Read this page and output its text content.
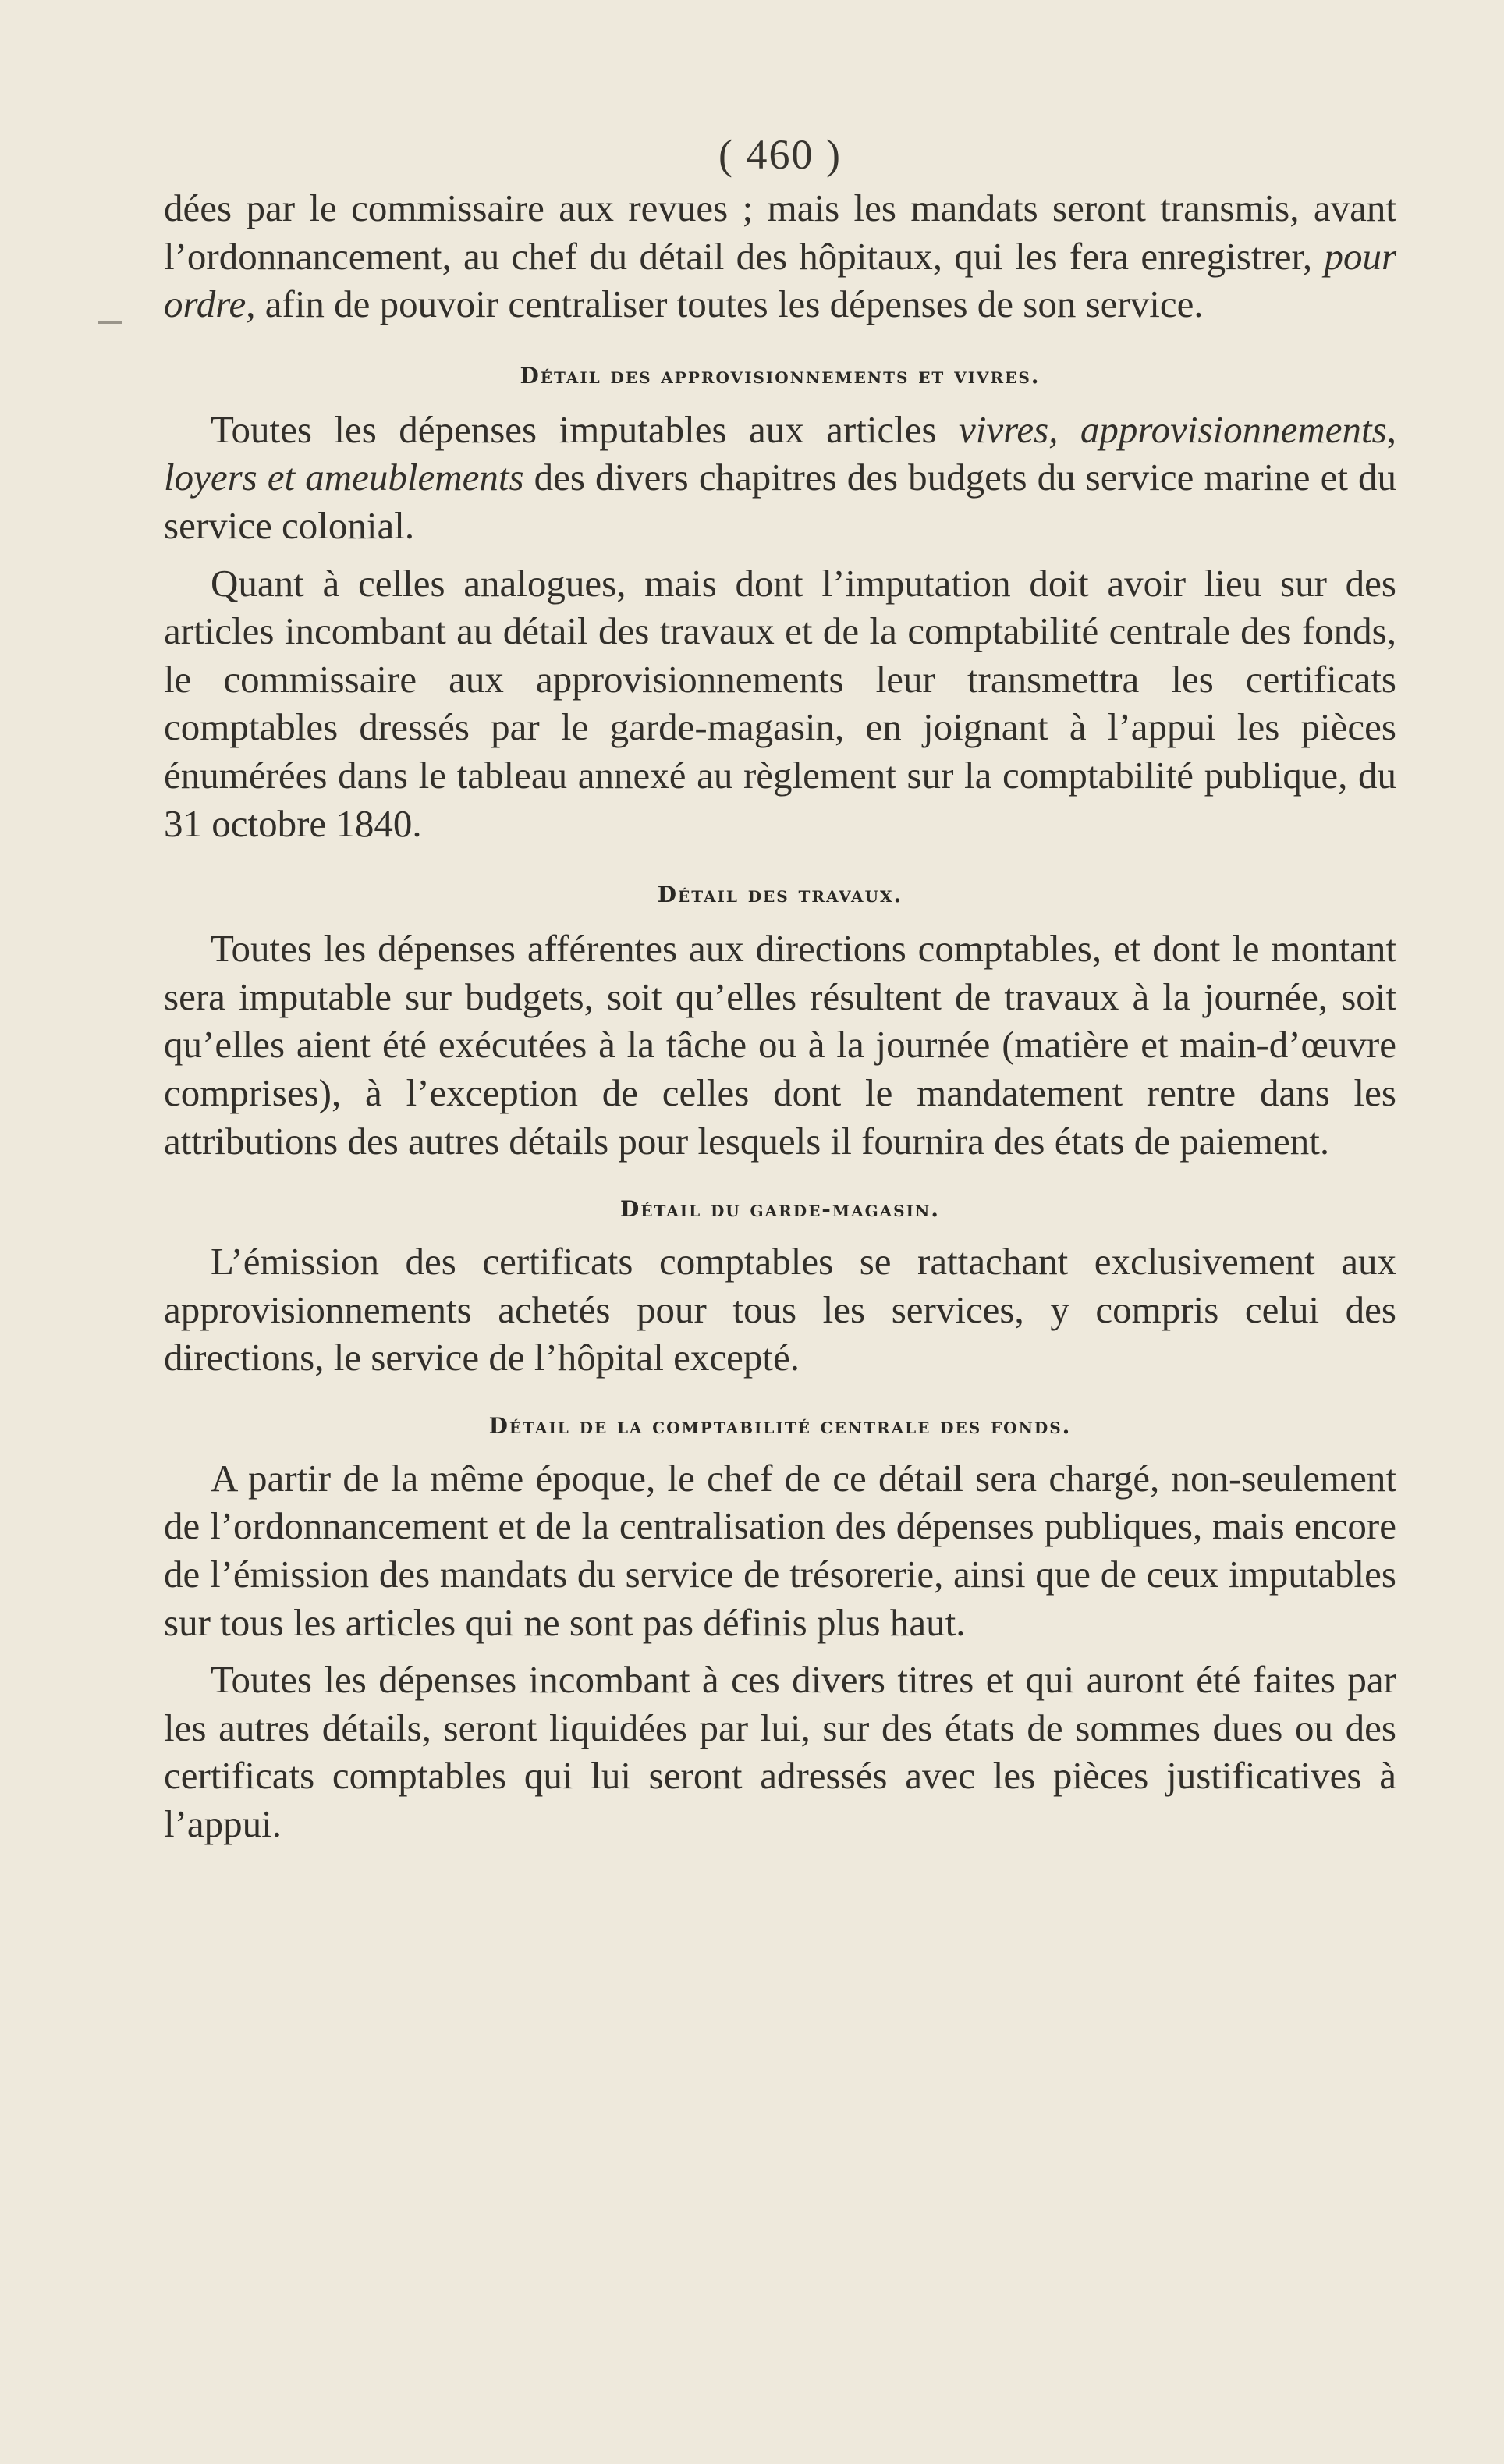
( 460 )

dées par le commissaire aux revues ; mais les mandats seront transmis, avant l’ordonnancement, au chef du détail des hôpitaux, qui les fera enregistrer, pour ordre, afin de pouvoir centraliser toutes les dépenses de son service.

Détail des approvisionnements et vivres.

Toutes les dépenses imputables aux articles vivres, approvisionnements, loyers et ameublements des divers chapitres des budgets du service marine et du service colonial.

Quant à celles analogues, mais dont l’imputation doit avoir lieu sur des articles incombant au détail des travaux et de la comptabilité centrale des fonds, le commissaire aux approvisionnements leur transmettra les certificats comptables dressés par le garde-magasin, en joignant à l’appui les pièces énumérées dans le tableau annexé au règlement sur la comptabilité publique, du 31 octobre 1840.

Détail des travaux.

Toutes les dépenses afférentes aux directions comptables, et dont le montant sera imputable sur budgets, soit qu’elles résultent de travaux à la journée, soit qu’elles aient été exécutées à la tâche ou à la journée (matière et main-d’œuvre comprises), à l’exception de celles dont le mandatement rentre dans les attributions des autres détails pour lesquels il fournira des états de paiement.

Détail du garde-magasin.

L’émission des certificats comptables se rattachant exclusivement aux approvisionnements achetés pour tous les services, y compris celui des directions, le service de l’hôpital excepté.

Détail de la comptabilité centrale des fonds.

A partir de la même époque, le chef de ce détail sera chargé, non-seulement de l’ordonnancement et de la centralisation des dépenses publiques, mais encore de l’émission des mandats du service de trésorerie, ainsi que de ceux imputables sur tous les articles qui ne sont pas définis plus haut.

Toutes les dépenses incombant à ces divers titres et qui auront été faites par les autres détails, seront liquidées par lui, sur des états de sommes dues ou des certificats comptables qui lui seront adressés avec les pièces justificatives à l’appui.
